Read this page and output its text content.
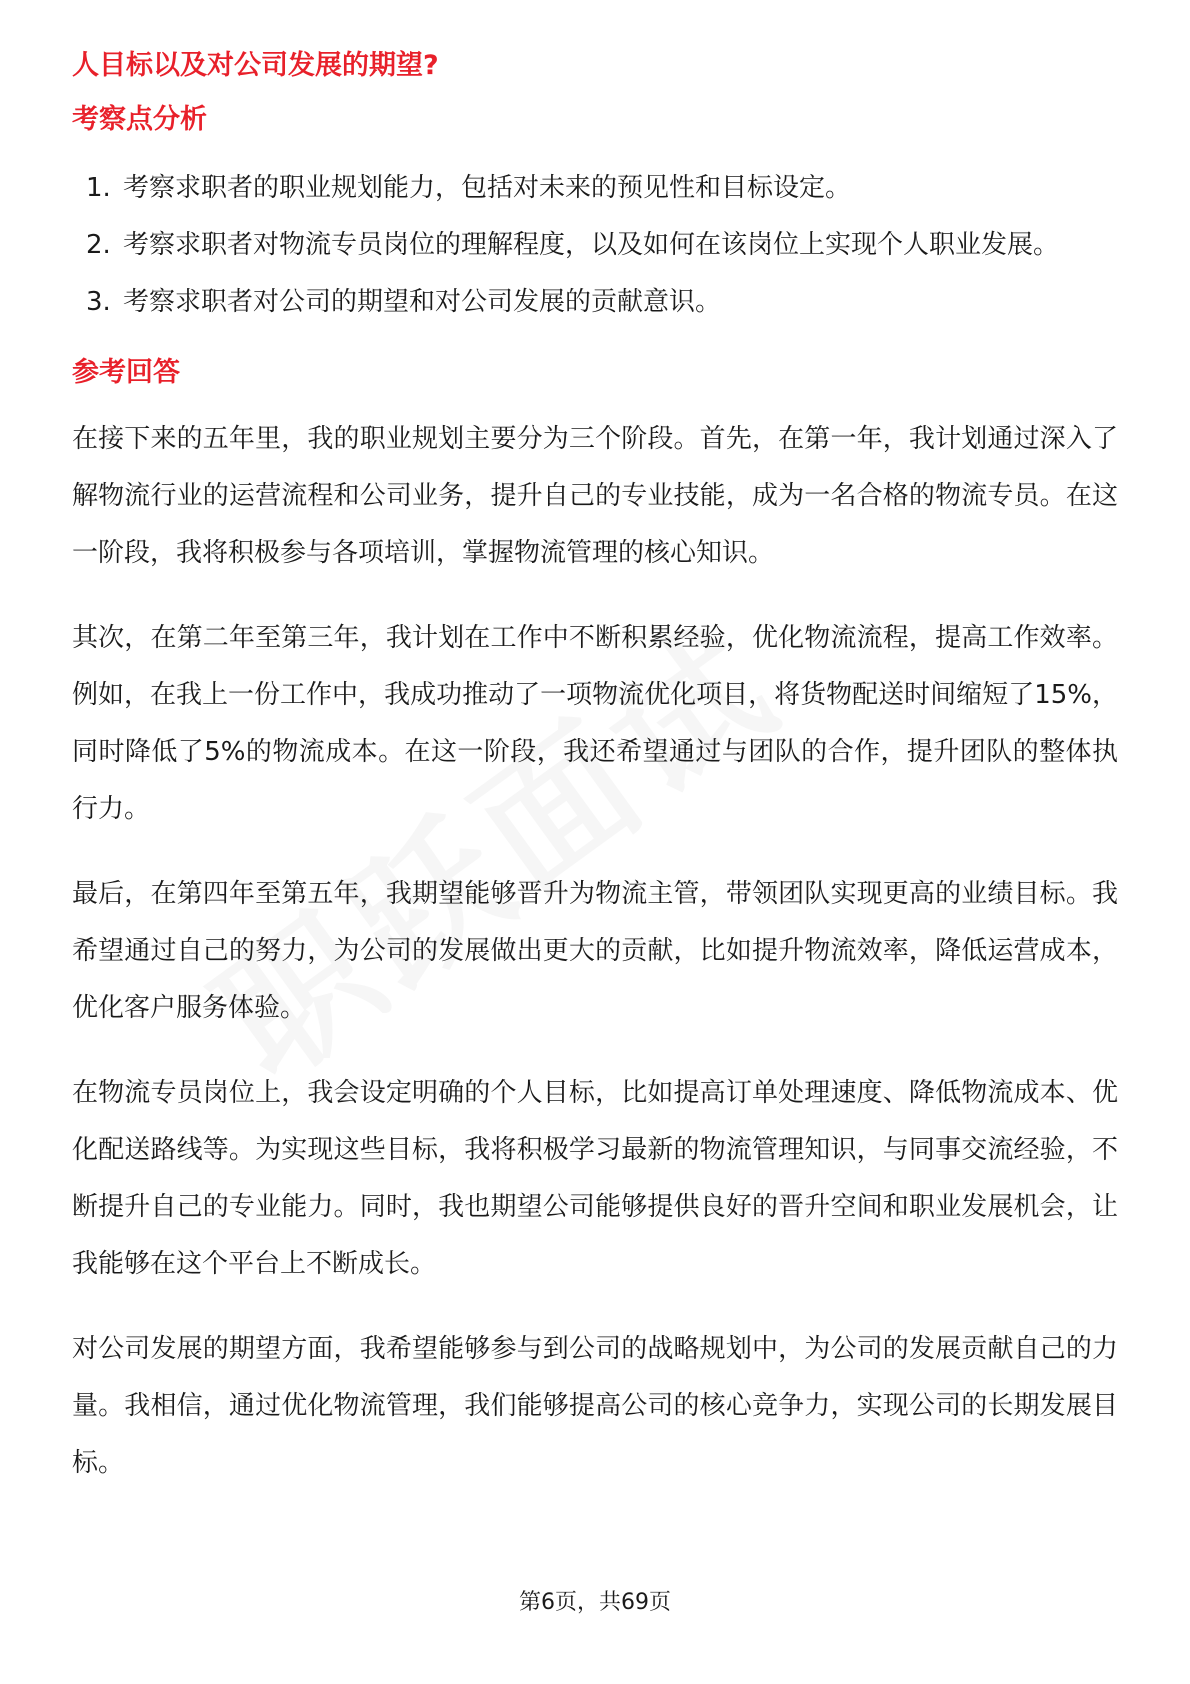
人目标以及对公司发展的期望?
考察点分析
1. 考察求职者的职业规划能力，包括对未来的预见性和目标设定。
2. 考察求职者对物流专员岗位的理解程度，以及如何在该岗位上实现个人职业发展。
3. 考察求职者对公司的期望和对公司发展的贡献意识。
参考回答

在接下来的五年里，我的职业规划主要分为三个阶段。首先，在第一年，我计划通过深入了解物流行业的运营流程和公司业务，提升自己的专业技能，成为一名合格的物流专员。在这一阶段，我将积极参与各项培训，掌握物流管理的核心知识。

其次，在第二年至第三年，我计划在工作中不断积累经验，优化物流流程，提高工作效率。例如，在我上一份工作中，我成功推动了一项物流优化项目，将货物配送时间缩短了15%，同时降低了5%的物流成本。在这一阶段，我还希望通过与团队的合作，提升团队的整体执行力。

最后，在第四年至第五年，我期望能够晋升为物流主管，带领团队实现更高的业绩目标。我希望通过自己的努力，为公司的发展做出更大的贡献，比如提升物流效率，降低运营成本，优化客户服务体验。

在物流专员岗位上，我会设定明确的个人目标，比如提高订单处理速度、降低物流成本、优化配送路线等。为实现这些目标，我将积极学习最新的物流管理知识，与同事交流经验，不断提升自己的专业能力。同时，我也期望公司能够提供良好的晋升空间和职业发展机会，让我能够在这个平台上不断成长。

对公司发展的期望方面，我希望能够参与到公司的战略规划中，为公司的发展贡献自己的力量。我相信，通过优化物流管理，我们能够提高公司的核心竞争力，实现公司的长期发展目标。

第6页，共69页
